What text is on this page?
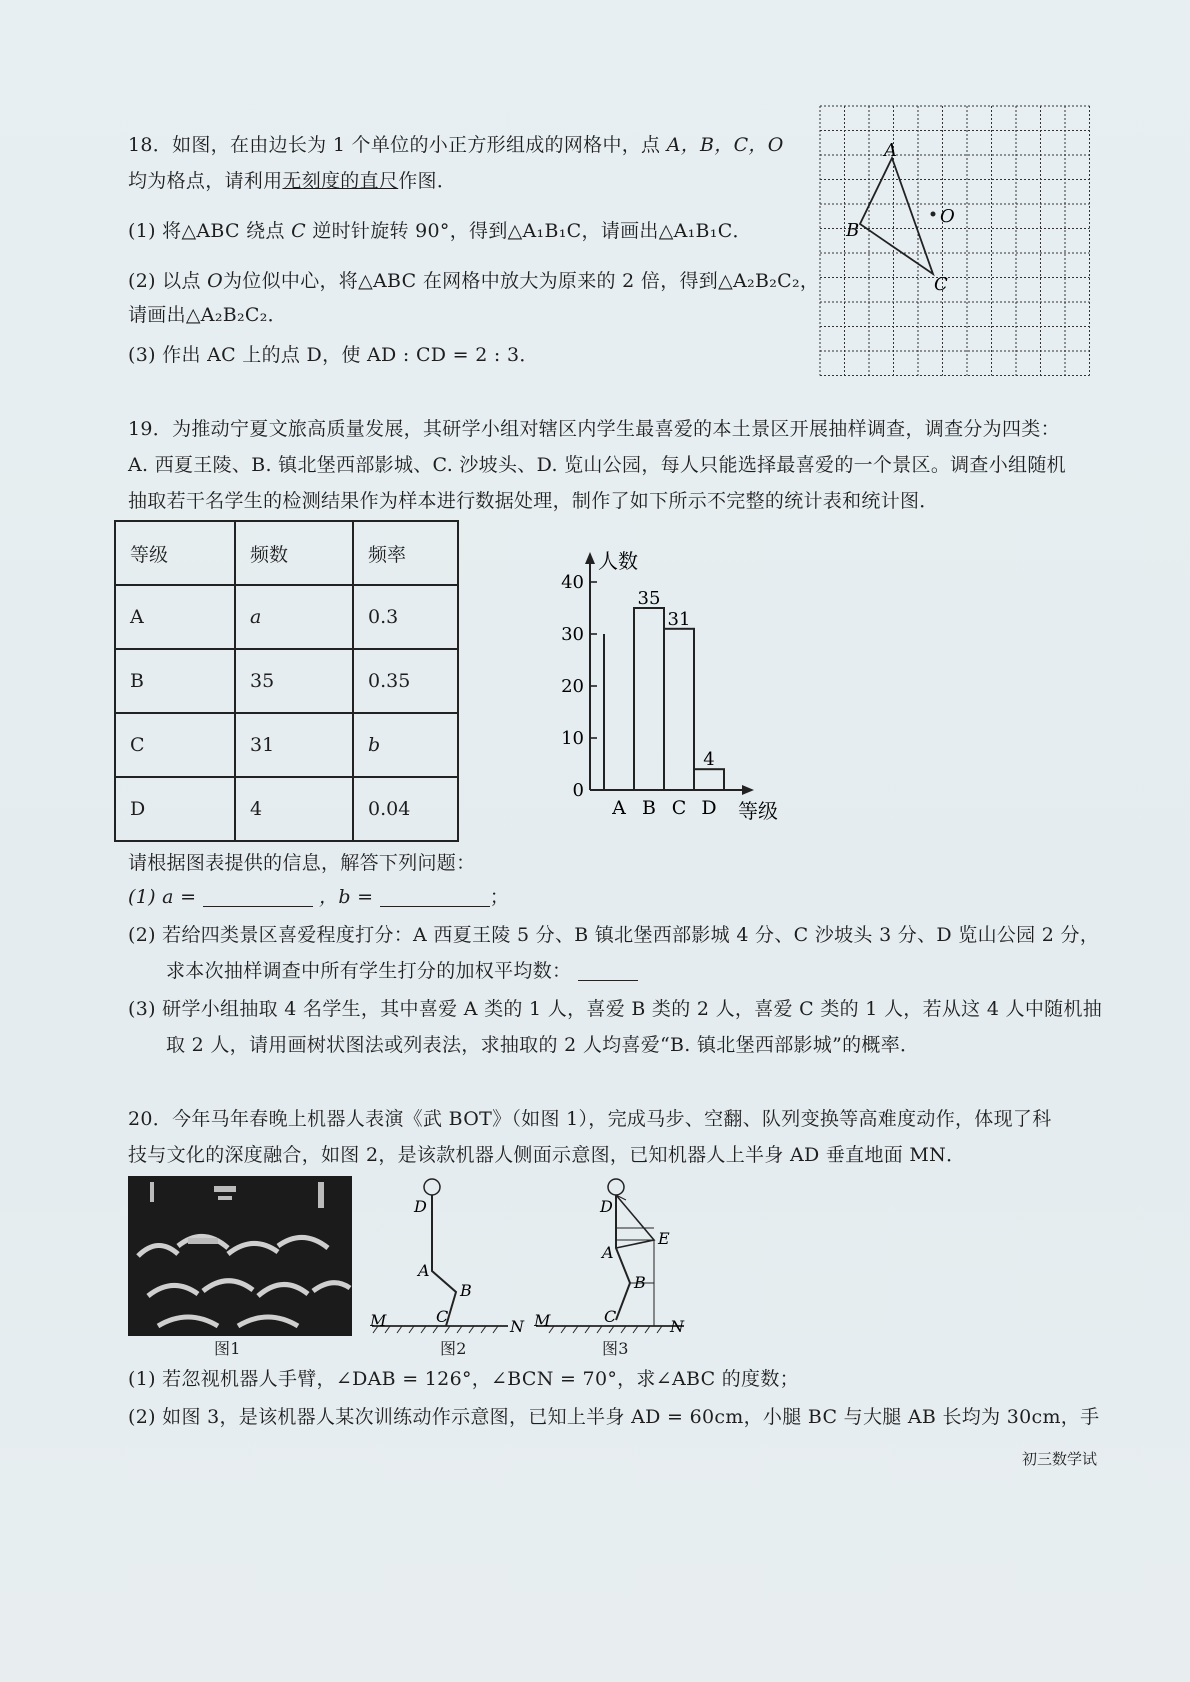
18．如图，在由边长为 1 个单位的小正方形组成的网格中，点 A，B，C，O
均为格点，请利用无刻度的直尺作图．
(1) 将△ABC 绕点 C 逆时针旋转 90°，得到△A₁B₁C，请画出△A₁B₁C．
(2) 以点 O为位似中心，将△ABC 在网格中放大为原来的 2 倍，得到△A₂B₂C₂，
请画出△A₂B₂C₂．
(3) 作出 AC 上的点 D，使 AD : CD = 2 : 3．
A
B
C
O
19．为推动宁夏文旅高质量发展，其研学小组对辖区内学生最喜爱的本土景区开展抽样调查，调查分为四类：
A. 西夏王陵、B. 镇北堡西部影城、C. 沙坡头、D. 览山公园，每人只能选择最喜爱的一个景区。调查小组随机
抽取若干名学生的检测结果作为样本进行数据处理，制作了如下所示不完整的统计表和统计图．
等级	频数	频率
A	a	0.3
B	35	0.35
C	31	b
D	4	0.04
人数
等级
0
10
20
30
40
A
35
B
31
C
4
D
请根据图表提供的信息，解答下列问题：
(1) a =	，b =	；
(2) 若给四类景区喜爱程度打分：A 西夏王陵 5 分、B 镇北堡西部影城 4 分、C 沙坡头 3 分、D 览山公园 2 分，
求本次抽样调查中所有学生打分的加权平均数：
(3) 研学小组抽取 4 名学生，其中喜爱 A 类的 1 人，喜爱 B 类的 2 人，喜爱 C 类的 1 人，若从这 4 人中随机抽
取 2 人，请用画树状图法或列表法，求抽取的 2 人均喜爱“B. 镇北堡西部影城”的概率．
20．今年马年春晚上机器人表演《武 BOT》（如图 1），完成马步、空翻、队列变换等高难度动作，体现了科
技与文化的深度融合，如图 2，是该款机器人侧面示意图，已知机器人上半身 AD 垂直地面 MN．
图1
D
A
B
C
M	N
图2
D
E
A
B
C
M	N
图3
(1) 若忽视机器人手臂，∠DAB = 126°，∠BCN = 70°，求∠ABC 的度数；
(2) 如图 3，是该机器人某次训练动作示意图，已知上半身 AD = 60cm，小腿 BC 与大腿 AB 长均为 30cm，手
初三数学试
